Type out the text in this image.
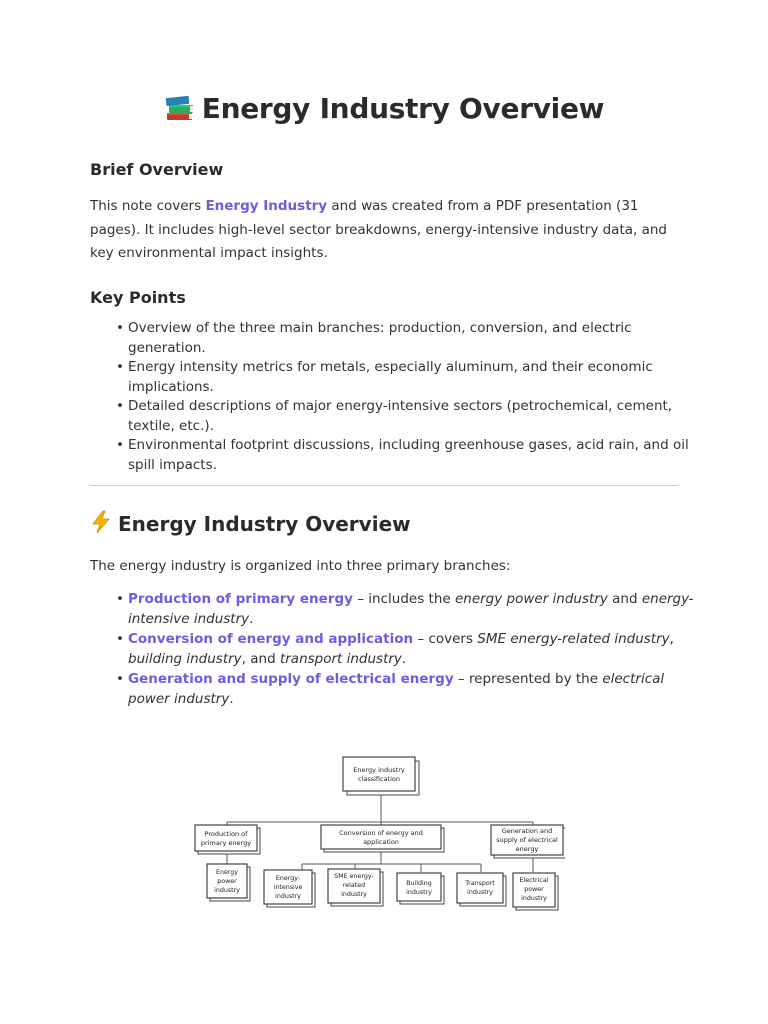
Energy Industry Overview
Brief Overview
This note covers Energy Industry and was created from a PDF presentation (31 pages). It includes high-level sector breakdowns, energy-intensive industry data, and key environmental impact insights.
Key Points
• Overview of the three main branches: production, conversion, and electric generation.
• Energy intensity metrics for metals, especially aluminum, and their economic implications.
• Detailed descriptions of major energy-intensive sectors (petrochemical, cement, textile, etc.).
• Environmental footprint discussions, including greenhouse gases, acid rain, and oil spill impacts.
Energy Industry Overview
The energy industry is organized into three primary branches:
• Production of primary energy – includes the energy power industry and energy-intensive industry.
• Conversion of energy and application – covers SME energy-related industry, building industry, and transport industry.
• Generation and supply of electrical energy – represented by the electrical power industry.
Energy industry
classification
Production of
primary energy
Conversion of energy and
application
Generation and
supply of electrical
energy
Energy
power
industry
Energy-
intensive
industry
SME energy-
related
industry
Building
industry
Transport
industry
Electrical
power
industry
